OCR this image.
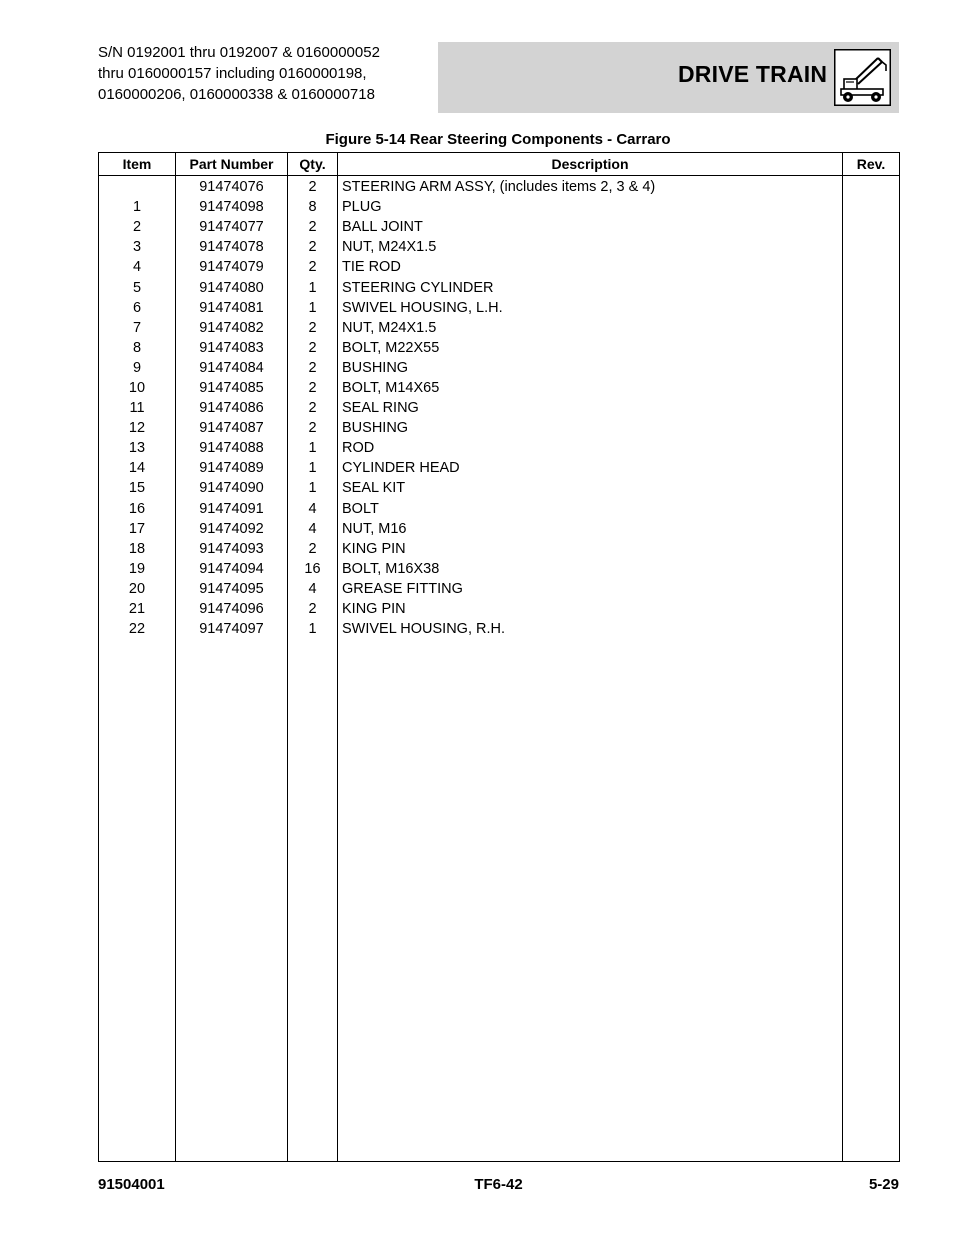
S/N 0192001 thru 0192007 & 0160000052
thru 0160000157 including 0160000198,
0160000206, 0160000338 & 0160000718
DRIVE TRAIN
Figure 5-14 Rear Steering Components - Carraro
Item	Part Number	Qty.	Description	Rev.
	91474076	2	STEERING ARM ASSY, (includes items 2, 3 & 4)	
1	91474098	8	PLUG	
2	91474077	2	BALL JOINT	
3	91474078	2	NUT, M24X1.5	
4	91474079	2	TIE ROD	
5	91474080	1	STEERING CYLINDER	
6	91474081	1	SWIVEL HOUSING, L.H.	
7	91474082	2	NUT, M24X1.5	
8	91474083	2	BOLT, M22X55	
9	91474084	2	BUSHING	
10	91474085	2	BOLT, M14X65	
11	91474086	2	SEAL RING	
12	91474087	2	BUSHING	
13	91474088	1	ROD	
14	91474089	1	CYLINDER HEAD	
15	91474090	1	SEAL KIT	
16	91474091	4	BOLT	
17	91474092	4	NUT, M16	
18	91474093	2	KING PIN	
19	91474094	16	BOLT, M16X38	
20	91474095	4	GREASE FITTING	
21	91474096	2	KING PIN	
22	91474097	1	SWIVEL HOUSING, R.H.	

91504001	TF6-42	5-29
